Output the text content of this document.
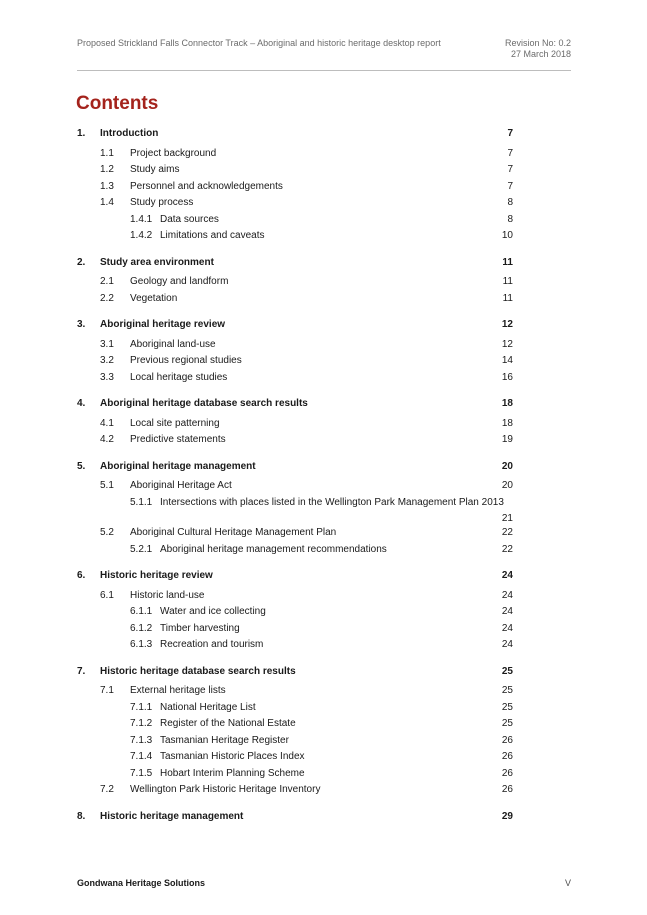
Proposed Strickland Falls Connector Track – Aboriginal and historic heritage desktop report	Revision No: 0.2
27 March 2018
Contents
1. Introduction	7
1.1 Project background	7
1.2 Study aims	7
1.3 Personnel and acknowledgements	7
1.4 Study process	8
1.4.1 Data sources	8
1.4.2 Limitations and caveats	10
2. Study area environment	11
2.1 Geology and landform	11
2.2 Vegetation	11
3. Aboriginal heritage review	12
3.1 Aboriginal land-use	12
3.2 Previous regional studies	14
3.3 Local heritage studies	16
4. Aboriginal heritage database search results	18
4.1 Local site patterning	18
4.2 Predictive statements	19
5. Aboriginal heritage management	20
5.1 Aboriginal Heritage Act	20
5.1.1 Intersections with places listed in the Wellington Park Management Plan 2013
21
5.2 Aboriginal Cultural Heritage Management Plan	22
5.2.1 Aboriginal heritage management recommendations	22
6. Historic heritage review	24
6.1 Historic land-use	24
6.1.1 Water and ice collecting	24
6.1.2 Timber harvesting	24
6.1.3 Recreation and tourism	24
7. Historic heritage database search results	25
7.1 External heritage lists	25
7.1.1 National Heritage List	25
7.1.2 Register of the National Estate	25
7.1.3 Tasmanian Heritage Register	26
7.1.4 Tasmanian Historic Places Index	26
7.1.5 Hobart Interim Planning Scheme	26
7.2 Wellington Park Historic Heritage Inventory	26
8. Historic heritage management	29
Gondwana Heritage Solutions	V
